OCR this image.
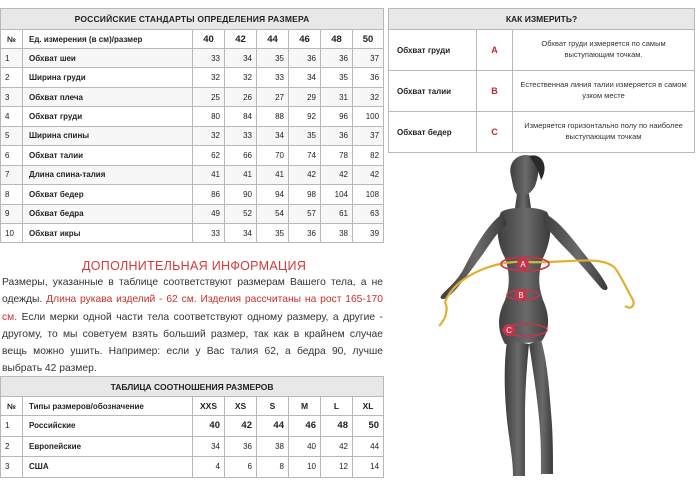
РОССИЙСКИЕ СТАНДАРТЫ ОПРЕДЕЛЕНИЯ РАЗМЕРА							
№	Ед. измерения (в см)/размер	40	42	44	46	48	50
1	Обхват шеи	33	34	35	36	36	37
2	Ширина груди	32	32	33	34	35	36
3	Обхват плеча	25	26	27	29	31	32
4	Обхват груди	80	84	88	92	96	100
5	Ширина спины	32	33	34	35	36	37
6	Обхват талии	62	66	70	74	78	82
7	Длина спина-талия	41	41	41	42	42	42
8	Обхват бедер	86	90	94	98	104	108
9	Обхват бедра	49	52	54	57	61	63
10	Обхват икры	33	34	35	36	38	39
КАК ИЗМЕРИТЬ?		
Обхват груди	A	Обхват груди измеряется по самым выступающим точкам.
Обхват талии	B	Естественная линия талии измеряется в самом узком месте
Обхват бедер	C	Измеряется горизонтально полу по наиболее выступающим точкам
ДОПОЛНИТЕЛЬНАЯ ИНФОРМАЦИЯ
Размеры, указанные в таблице соответствуют размерам Вашего тела, а не одежды. Длина рукава изделий - 62 см. Изделия рассчитаны на рост 165-170 см. Если мерки одной части тела соответствуют одному размеру, а другие - другому, то мы советуем взять больший размер, так как в крайнем случае вещь можно ушить. Например: если у Вас талия 62, а бедра 90, лучше выбрать 42 размер.
ТАБЛИЦА СООТНОШЕНИЯ РАЗМЕРОВ							
№	Типы размеров/обозначение	XXS	XS	S	M	L	XL
1	Российские	40	42	44	46	48	50
2	Европейские	34	36	38	40	42	44
3	США	4	6	8	10	12	14
A
B
C
